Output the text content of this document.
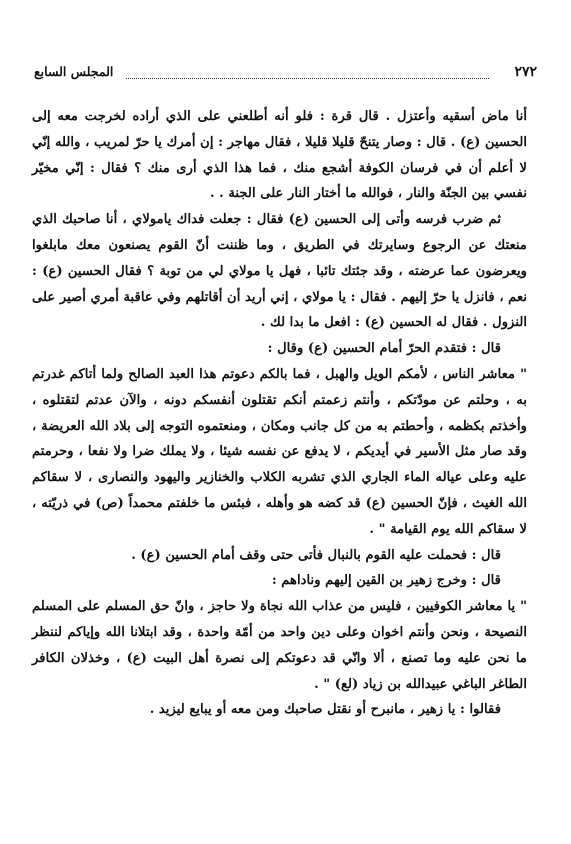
٢٧٢
المجلس السابع

أنا ماض أسقيه وأعتزل . قال قرة : فلو أنه أطلعني على الذي أراده لخرجت معه إلى الحسين (ع) . قال : وصار يتنحّ قليلا قليلا ، فقال مهاجر : إن أمرك يا حرّ لمريب ، والله إنّي لا أعلم أن في فرسان الكوفة أشجع منك ، فما هذا الذي أرى منك ؟ فقال : إنّي مخيّر نفسي بين الجنّة والنار ، فوالله ما أختار النار على الجنة . .

ثم ضرب فرسه وأتى إلى الحسين (ع) فقال : جعلت فداك يامولاي ، أنا صاحبك الذي منعتك عن الرجوع وسايرتك في الطريق ، وما ظننت أنّ القوم يصنعون معك مابلغوا ويعرضون عما عرضته ، وقد جئتك تائبا ، فهل يا مولاي لي من توبة ؟ فقال الحسين (ع) : نعم ، فانزل يا حرّ إليهم . فقال : يا مولاي ، إني أريد أن أقاتلهم وفي عاقبة أمري أصير على النزول . فقال له الحسين (ع) : افعل ما بدا لك .

قال : فتقدم الحرّ أمام الحسين (ع) وقال :

" معاشر الناس ، لأمكم الويل والهبل ، فما بالكم دعوتم هذا العبد الصالح ولما أتاكم غدرتم به ، وحلتم عن مودّتكم ، وأنتم زعمتم أنكم تقتلون أنفسكم دونه ، والآن عدتم لتقتلوه ، وأخذتم بكظمه ، وأحطتم به من كل جانب ومكان ، ومنعتموه التوجه إلى بلاد الله العريضة ، وقد صار مثل الأسير في أيديكم ، لا يدفع عن نفسه شيئا ، ولا يملك ضرا ولا نفعا ، وحرمتم عليه وعلى عياله الماء الجاري الذي تشربه الكلاب والخنازير واليهود والنصارى ، لا سقاكم الله الغيث ، فإنّ الحسين (ع) قد كضه هو وأهله ، فبئس ما خلفتم محمداً (ص) في ذريّته ، لا سقاكم الله يوم القيامة " .

قال : فحملت عليه القوم بالنبال فأتى حتى وقف أمام الحسين (ع) .

قال : وخرج زهير بن القين إليهم وناداهم :

" يا معاشر الكوفيين ، فليس من عذاب الله نجاة ولا حاجز ، وانّ حق المسلم على المسلم النصيحة ، ونحن وأنتم اخوان وعلى دين واحد من أمّة واحدة ، وقد ابتلانا الله وإياكم لننظر ما نحن عليه وما تصنع ، ألا وانّي قد دعوتكم إلى نصرة أهل البيت (ع) ، وخذلان الكافر الطاغر الباغي عبيدالله بن زياد (لع) " .

فقالوا : يا زهير ، مانبرح أو نقتل صاحبك ومن معه أو يبايع ليزيد .
